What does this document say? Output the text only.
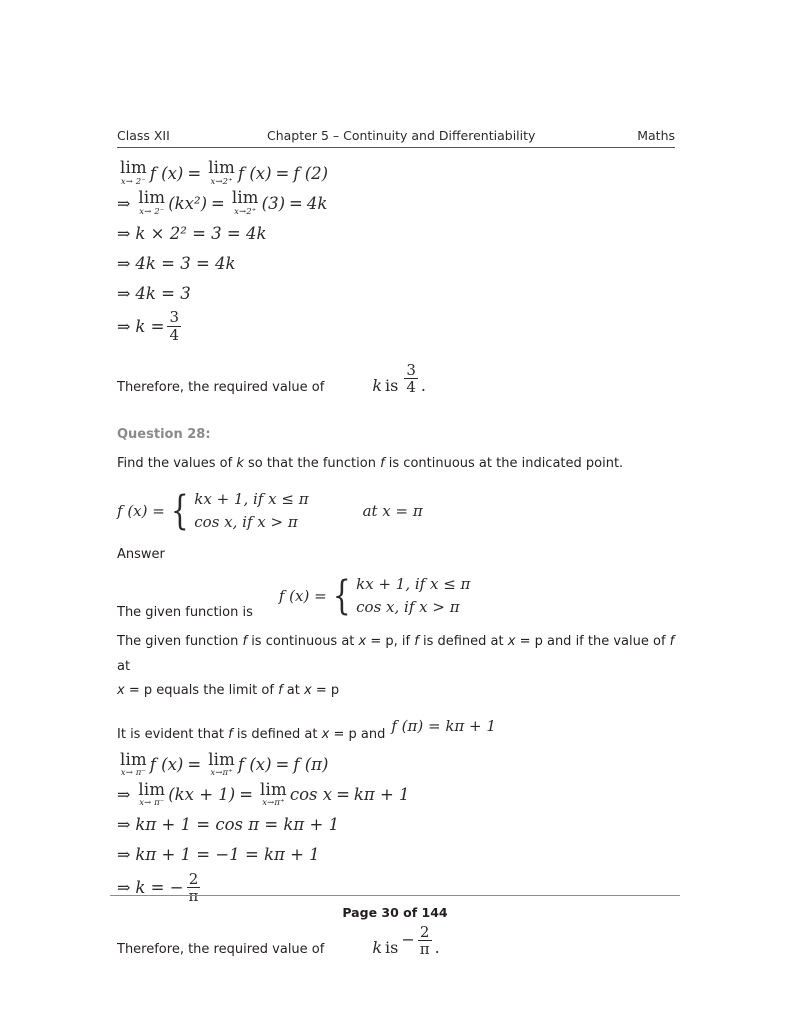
Class XII	Chapter 5 – Continuity and Differentiability	Maths
lim
x→ 2⁻ f (x) = lim
x→2⁺ f (x) = f (2)
⇒ lim
x→ 2⁻ (kx²) = lim
x→2⁺ (3) = 4k
⇒ k × 2² = 3 = 4k
⇒ 4k = 3 = 4k
⇒ 4k = 3
⇒ $k = \frac{3}{4}$
Therefore, the required value of	k is $\frac{3}{4}$ .
Question 28:
Find the values of k so that the function f is continuous at the indicated point.
f (x) = { kx + 1, if x ≤ π
cos x, if x > π
at x = π
Answer
The given function is
f (x) = { kx + 1, if x ≤ π
cos x, if x > π
The given function f is continuous at x = p, if f is defined at x = p and if the value of f at
x = p equals the limit of f at x = p
It is evident that f is defined at x = p and f (π) = kπ + 1
lim
x→ π⁻ f (x) = lim
x→π⁺ f (x) = f (π)
⇒ lim
x→ π⁻ (kx + 1) = lim
x→π⁺ cos x = kπ + 1
⇒ kπ + 1 = cos π = kπ + 1
⇒ kπ + 1 = −1 = kπ + 1
⇒ k = − $\frac{2}{\pi}$
Therefore, the required value of	k is − $\frac{2}{\pi}$ .
Page 30 of 144
